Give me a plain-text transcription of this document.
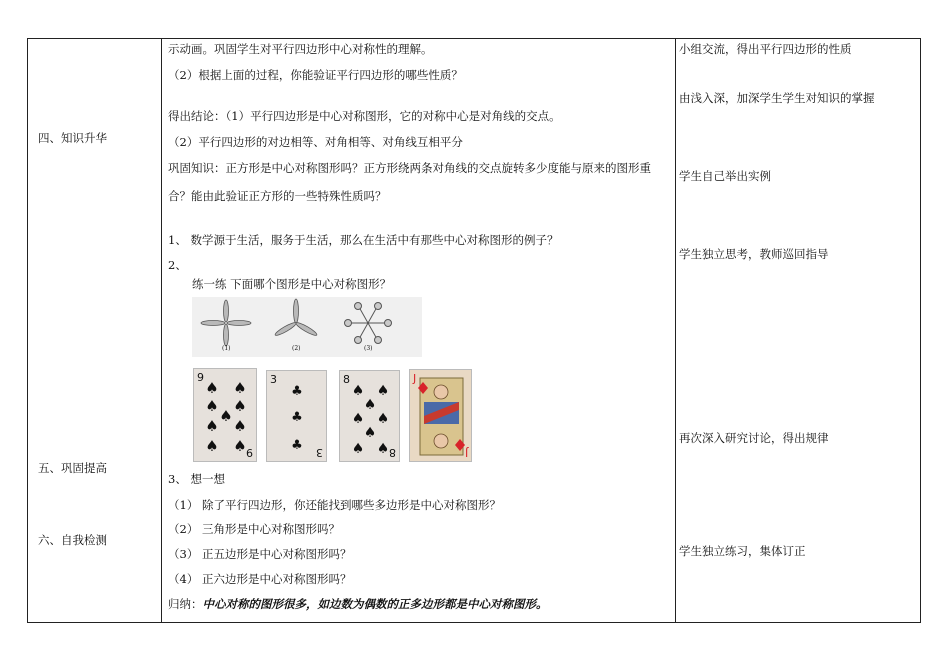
四、知识升华
五、巩固提高
六、自我检测
示动画。巩固学生对平行四边形中心对称性的理解。
（2）根据上面的过程，你能验证平行四边形的哪些性质？
得出结论：（1）平行四边形是中心对称图形，它的对称中心是对角线的交点。
（2）平行四边形的对边相等、对角相等、对角线互相平分
巩固知识：正方形是中心对称图形吗？正方形绕两条对角线的交点旋转多少度能与原来的图形重
合？能由此验证正方形的一些特殊性质吗？
1、 数学源于生活，服务于生活，那么在生活中有那些中心对称图形的例子？
2、
练一练 下面哪个图形是中心对称图形？
(1)	(2)	(3)
9
9
♠ ♠
♠ ♠
♠
♠ ♠
♠ ♠
3
3
♣
♣
♣
8
8
♠ ♠
♠
♠ ♠
♠
♠ ♠
J
J
3、 想一想
（1） 除了平行四边形，你还能找到哪些多边形是中心对称图形？
（2） 三角形是中心对称图形吗？
（3） 正五边形是中心对称图形吗？
（4） 正六边形是中心对称图形吗？
归纳：中心对称的图形很多，如边数为偶数的正多边形都是中心对称图形。
小组交流，得出平行四边形的性质
由浅入深，加深学生学生对知识的掌握
学生自己举出实例
学生独立思考，教师巡回指导
再次深入研究讨论，得出规律
学生独立练习，集体订正
